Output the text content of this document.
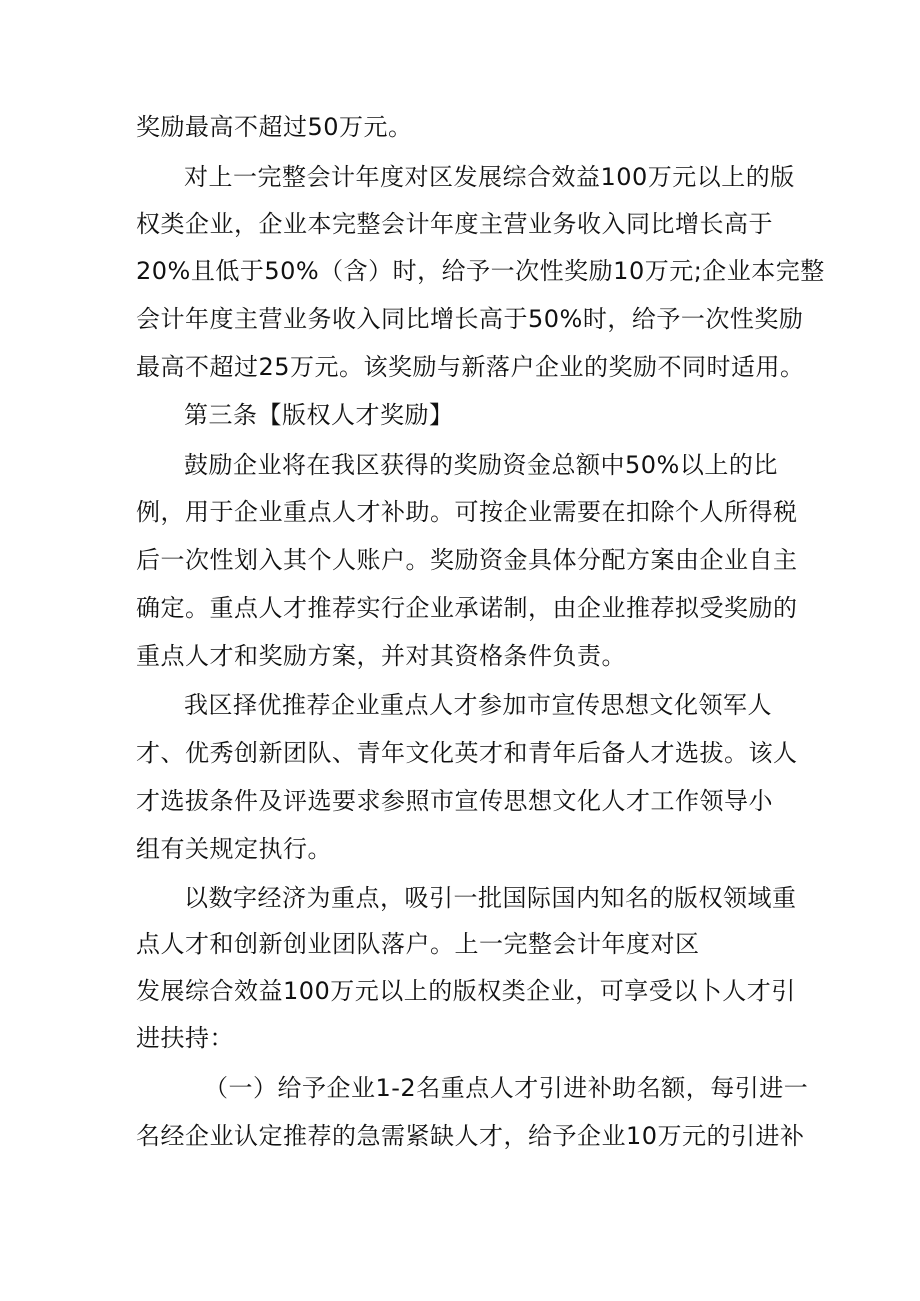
奖励最高不超过50万元。
对上一完整会计年度对区发展综合效益100万元以上的版
权类企业，企业本完整会计年度主营业务收入同比增长高于
20%且低于50%（含）时，给予一次性奖励10万元;企业本完整
会计年度主营业务收入同比增长高于50%时，给予一次性奖励
最高不超过25万元。该奖励与新落户企业的奖励不同时适用。
第三条【版权人才奖励】
鼓励企业将在我区获得的奖励资金总额中50%以上的比
例，用于企业重点人才补助。可按企业需要在扣除个人所得税
后一次性划入其个人账户。奖励资金具体分配方案由企业自主
确定。重点人才推荐实行企业承诺制，由企业推荐拟受奖励的
重点人才和奖励方案，并对其资格条件负责。
我区择优推荐企业重点人才参加市宣传思想文化领军人
才、优秀创新团队、青年文化英才和青年后备人才选拔。该人
才选拔条件及评选要求参照市宣传思想文化人才工作领导小
组有关规定执行。
以数字经济为重点，吸引一批国际国内知名的版权领域重
点人才和创新创业团队落户。上一完整会计年度对区
发展综合效益100万元以上的版权类企业，可享受以卜人才引
进扶持：
（一）给予企业1-2名重点人才引进补助名额，每引进一
名经企业认定推荐的急需紧缺人才，给予企业10万元的引进补
